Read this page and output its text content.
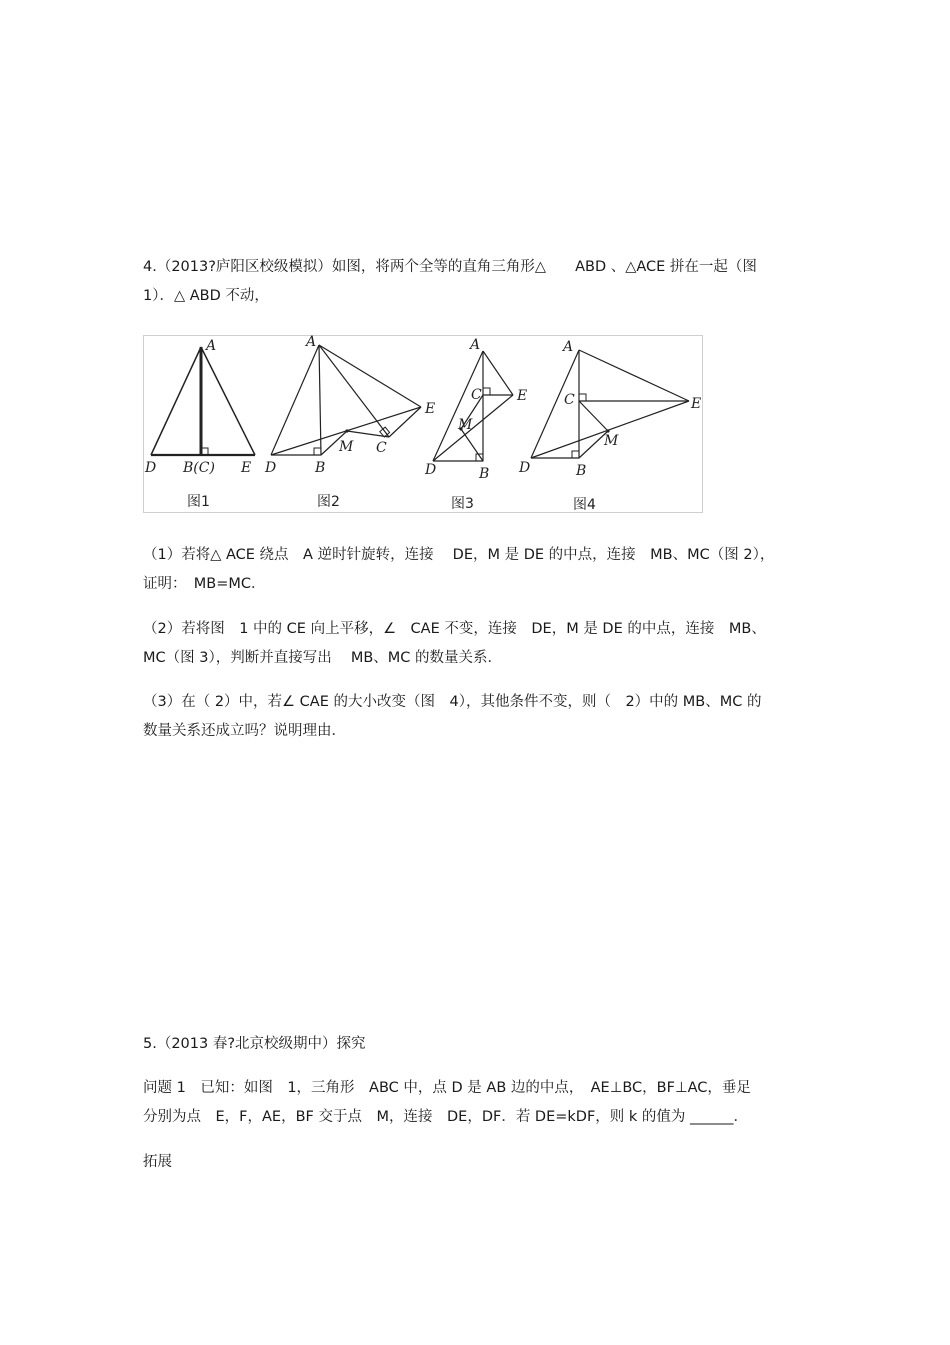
4.（2013?庐阳区校级模拟）如图，将两个全等的直角三角形△　　ABD 、△ACE 拼在一起（图
1）．△ ABD 不动，
A
D B(C) E
图1
A
D	B
M C
E
图2
A
C	E
M
D	B
图3
A
C	E
M
D	B
图4
（1）若将△ ACE 绕点　A 逆时针旋转，连接　 DE，M 是 DE 的中点，连接　MB、MC（图 2），
证明：　MB=MC．
（2）若将图　1 中的 CE 向上平移，∠　CAE 不变，连接　DE，M 是 DE 的中点，连接　MB、
MC（图 3），判断并直接写出　 MB、MC 的数量关系．
（3）在（ 2）中，若∠ CAE 的大小改变（图　4），其他条件不变，则（　2）中的 MB、MC 的
数量关系还成立吗？说明理由．
5.（2013 春?北京校级期中）探究
问题 1　已知：如图　1，三角形　ABC 中，点 D 是 AB 边的中点，　AE⊥BC，BF⊥AC，垂足
分别为点　E，F，AE，BF 交于点　M，连接　DE，DF．若 DE=kDF，则 k 的值为 ______．
拓展
